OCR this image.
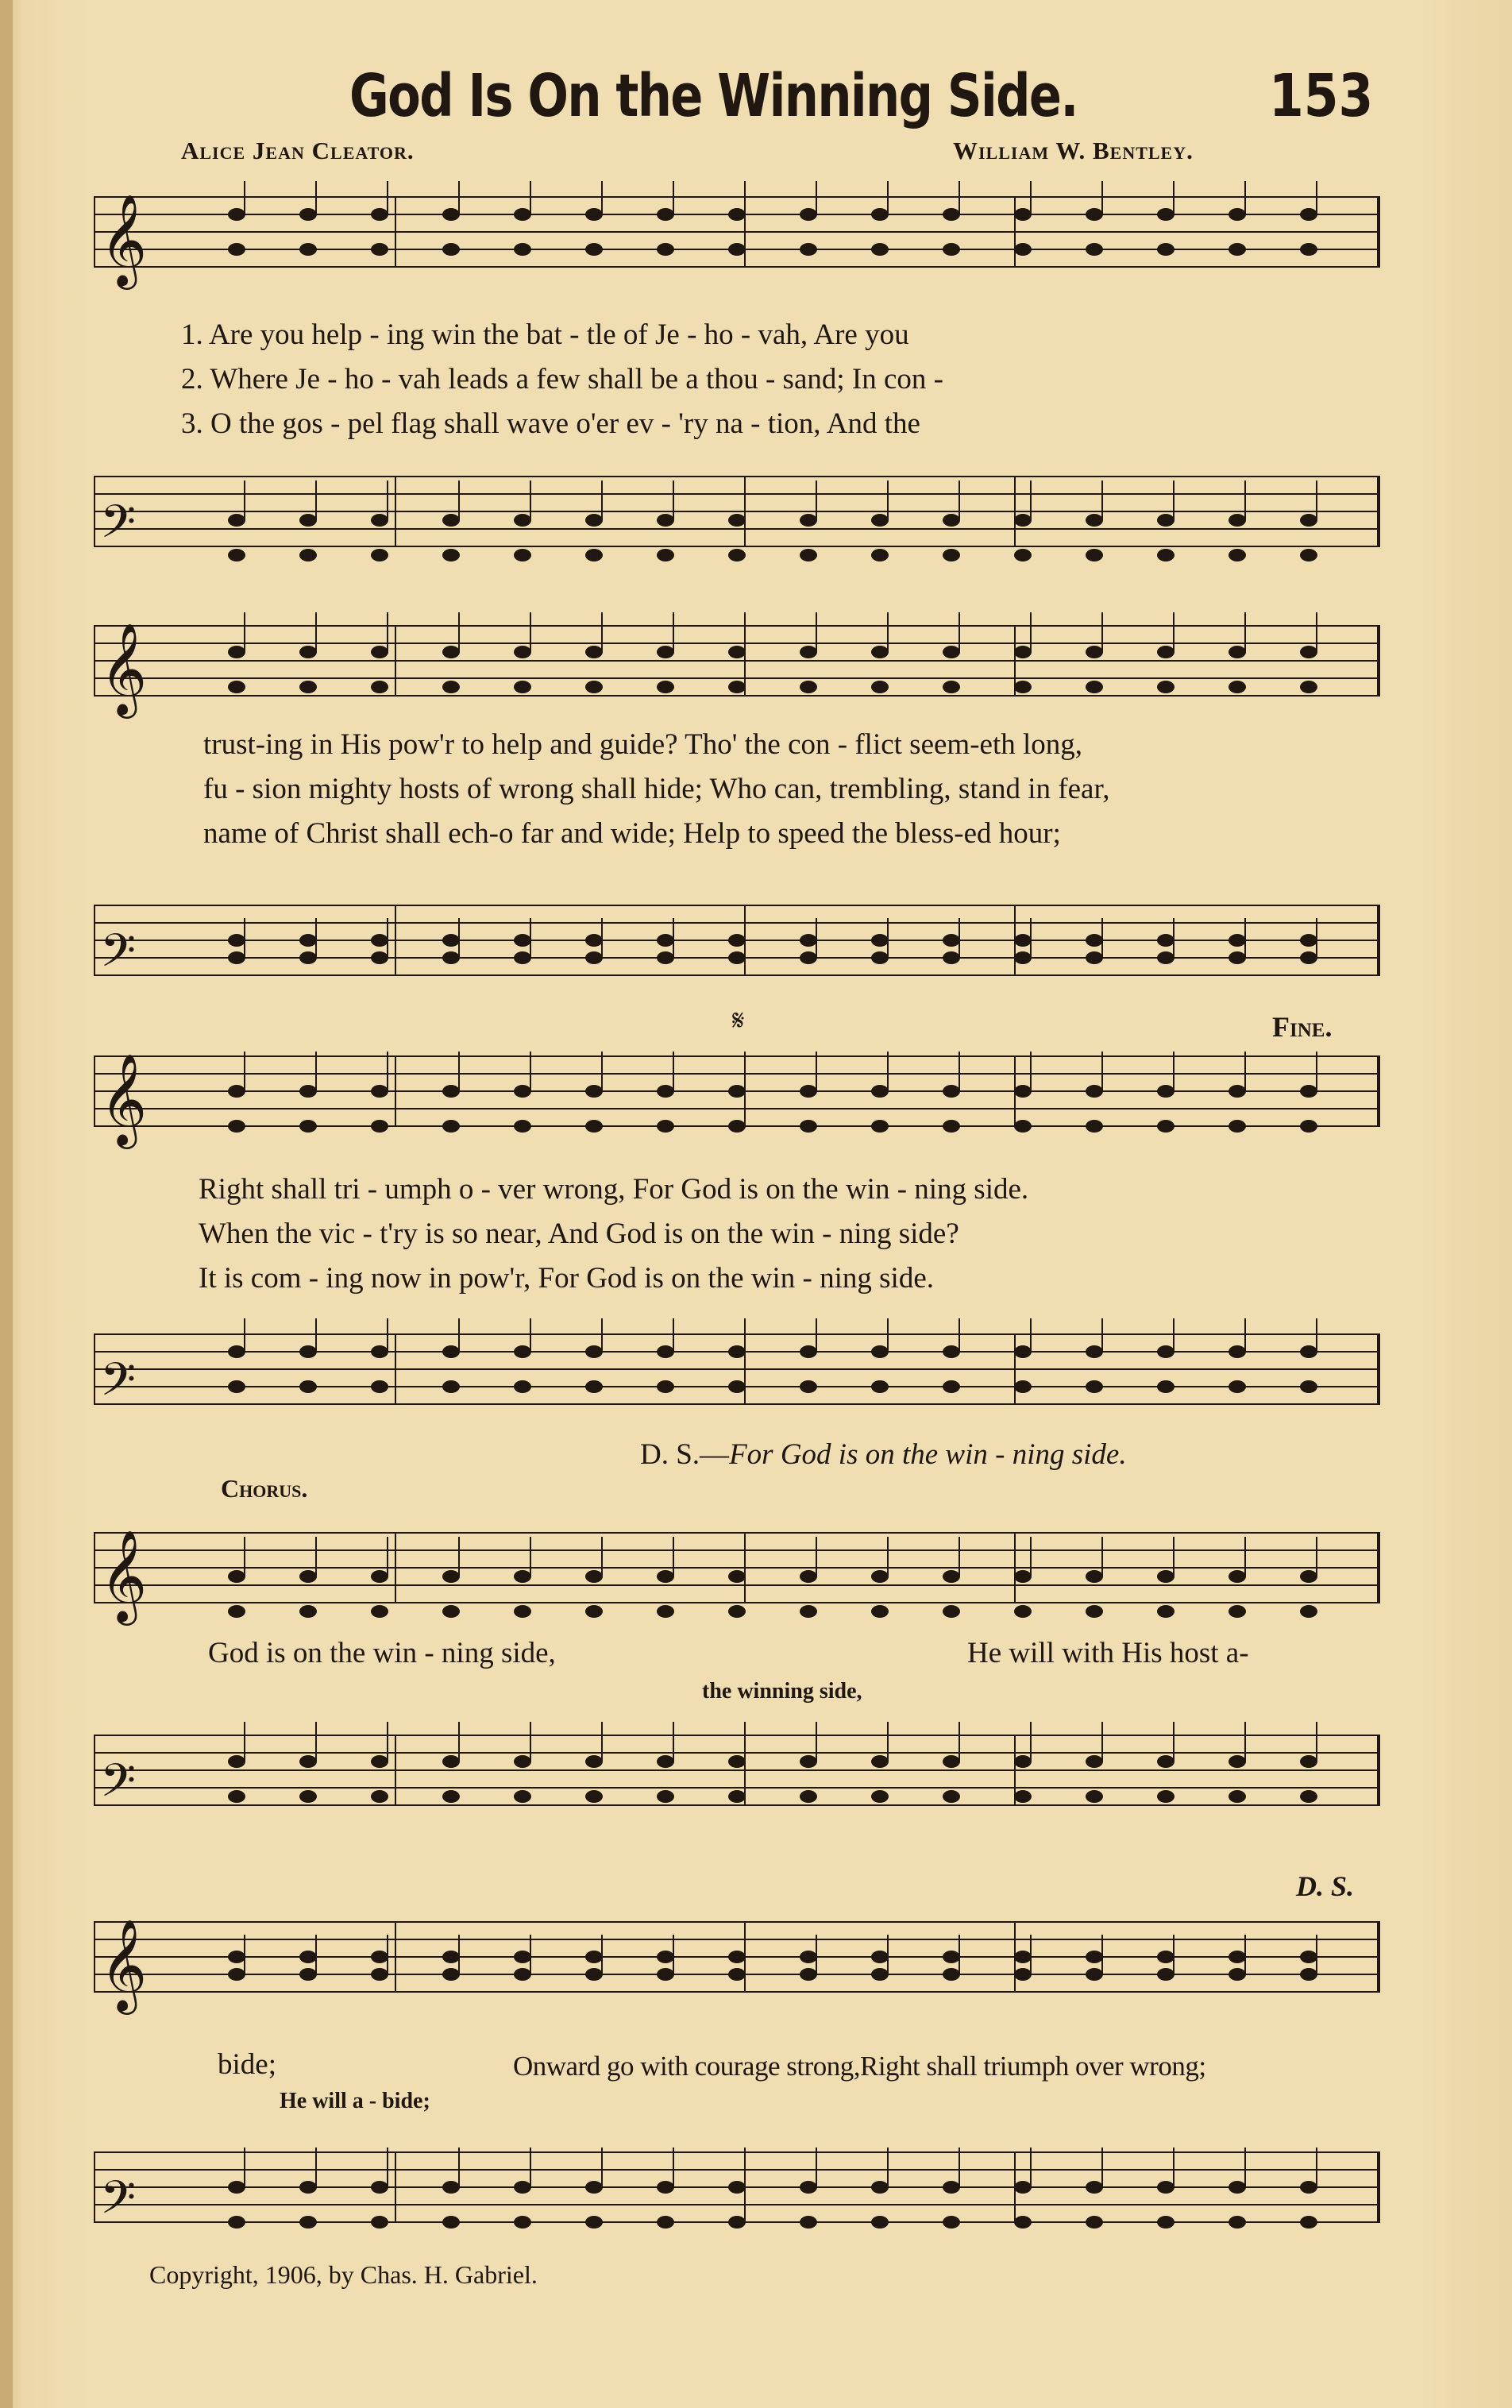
God Is On the Winning Side.	153
Alice Jean Cleator.	William W. Bentley.
𝄞
𝄢
𝄞
𝄢
𝄞
𝄢
𝄞
𝄢
𝄞
𝄢
1. Are you help - ing win the bat - tle of Je - ho - vah, Are you
2. Where Je - ho - vah leads a few shall be a thou - sand; In con -
3. O the gos - pel flag shall wave o'er ev - 'ry na - tion, And the
trust-ing in His pow'r to help and guide? Tho' the con - flict seem-eth long,
fu - sion mighty hosts of wrong shall hide; Who can, trembling, stand in fear,
name of Christ shall ech-o far and wide; Help to speed the bless-ed hour;
Fine.
𝄋
Right shall tri - umph o - ver wrong, For God is on the win - ning side.
When the vic - t'ry is so near, And God is on the win - ning side?
It is com - ing now in pow'r, For God is on the win - ning side.
D. S.—For God is on the win - ning side.
Chorus.
God is on the win - ning side,	He will with His host a-
the winning side,
D. S.
bide;	Onward go with courage strong,Right shall triumph over wrong;
He will a - bide;
Copyright, 1906, by Chas. H. Gabriel.
